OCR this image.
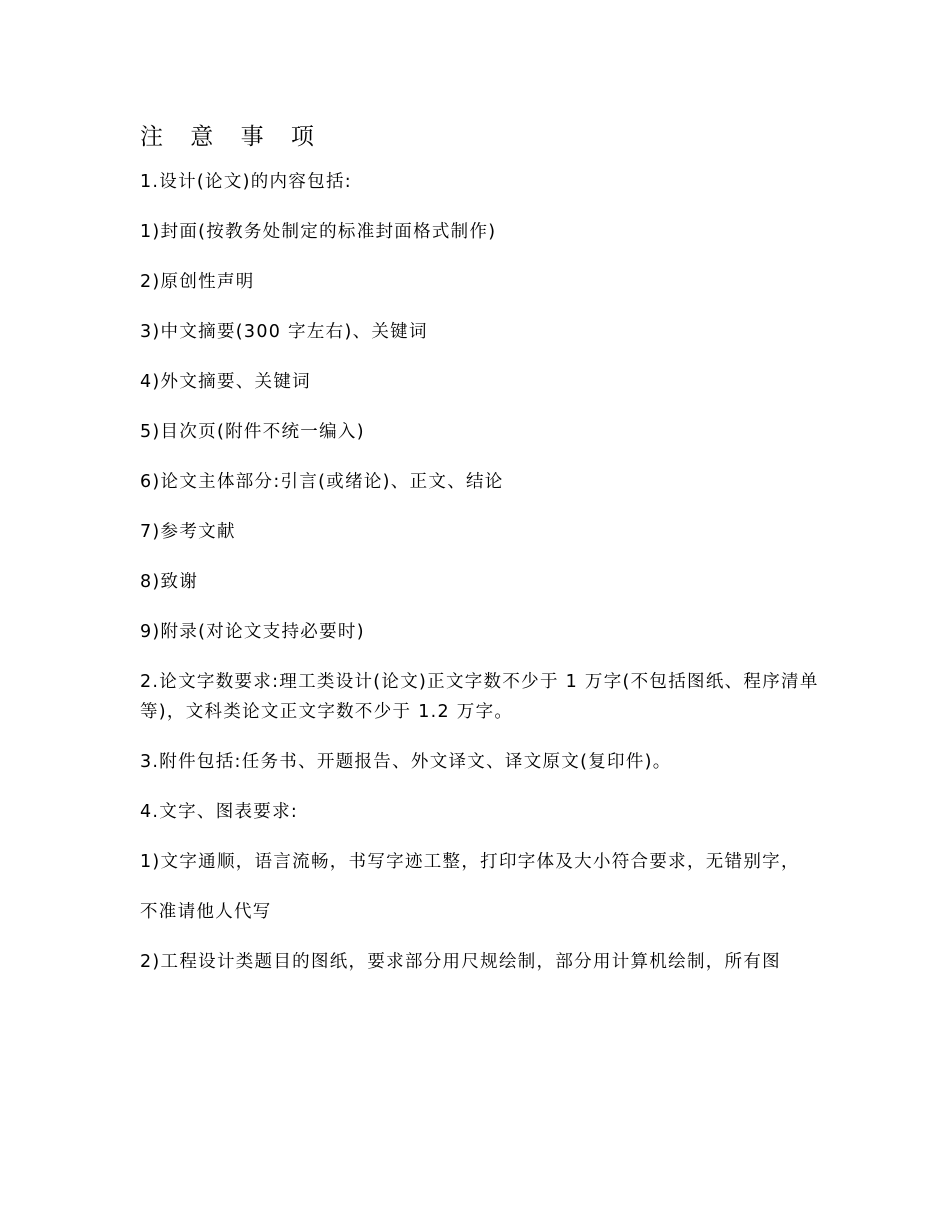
注 意 事 项

1.设计(论文)的内容包括:

1)封面(按教务处制定的标准封面格式制作)

2)原创性声明

3)中文摘要(300 字左右)、关键词

4)外文摘要、关键词

5)目次页(附件不统一编入)

6)论文主体部分:引言(或绪论)、正文、结论

7)参考文献

8)致谢

9)附录(对论文支持必要时)

2.论文字数要求:理工类设计(论文)正文字数不少于 1 万字(不包括图纸、程序清单等)，文科类论文正文字数不少于 1.2 万字。

3.附件包括:任务书、开题报告、外文译文、译文原文(复印件)。

4.文字、图表要求:

1)文字通顺，语言流畅，书写字迹工整，打印字体及大小符合要求，无错别字，

不准请他人代写

2)工程设计类题目的图纸，要求部分用尺规绘制，部分用计算机绘制，所有图
